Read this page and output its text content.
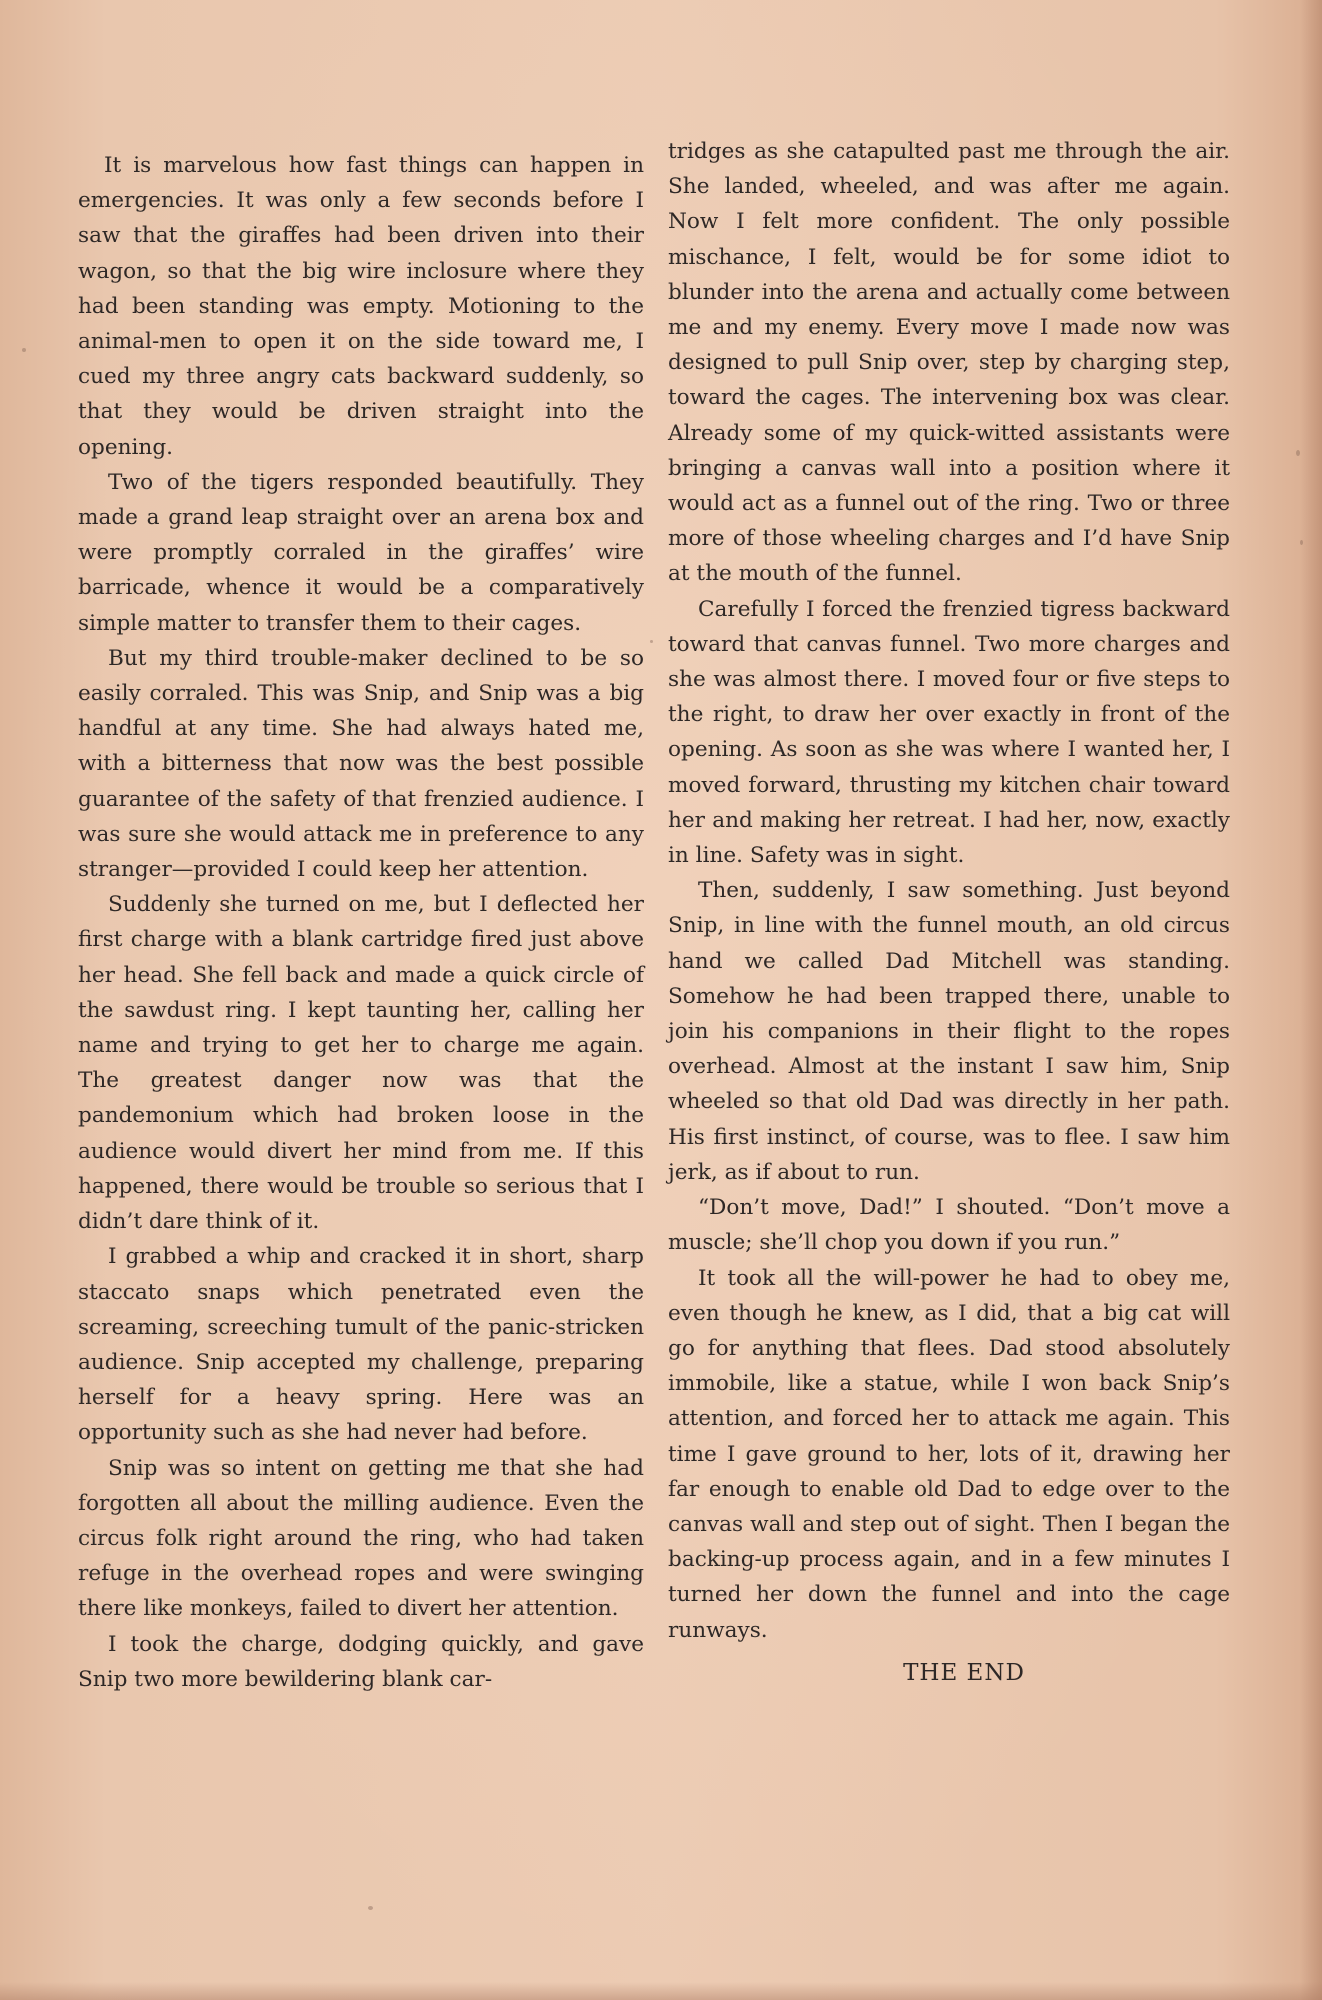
It is marvelous how fast things can happen in emergencies. It was only a few seconds before I saw that the giraffes had been driven into their wagon, so that the big wire inclosure where they had been standing was empty. Motioning to the animal-men to open it on the side toward me, I cued my three angry cats backward suddenly, so that they would be driven straight into the opening.

Two of the tigers responded beautifully. They made a grand leap straight over an arena box and were promptly corraled in the giraffes’ wire barricade, whence it would be a comparatively simple matter to transfer them to their cages.

But my third trouble-maker declined to be so easily corraled. This was Snip, and Snip was a big handful at any time. She had always hated me, with a bitterness that now was the best possible guarantee of the safety of that frenzied audience. I was sure she would attack me in preference to any stranger—provided I could keep her attention.

Suddenly she turned on me, but I deflected her first charge with a blank cartridge fired just above her head. She fell back and made a quick circle of the sawdust ring. I kept taunting her, calling her name and trying to get her to charge me again. The greatest danger now was that the pandemonium which had broken loose in the audience would divert her mind from me. If this happened, there would be trouble so serious that I didn’t dare think of it.

I grabbed a whip and cracked it in short, sharp staccato snaps which penetrated even the screaming, screeching tumult of the panic-stricken audience. Snip accepted my challenge, preparing herself for a heavy spring. Here was an opportunity such as she had never had before.

Snip was so intent on getting me that she had forgotten all about the milling audience. Even the circus folk right around the ring, who had taken refuge in the overhead ropes and were swinging there like monkeys, failed to divert her attention.

I took the charge, dodging quickly, and gave Snip two more bewildering blank car-

tridges as she catapulted past me through the air. She landed, wheeled, and was after me again. Now I felt more confident. The only possible mischance, I felt, would be for some idiot to blunder into the arena and actually come between me and my enemy. Every move I made now was designed to pull Snip over, step by charging step, toward the cages. The intervening box was clear. Already some of my quick-witted assistants were bringing a canvas wall into a position where it would act as a funnel out of the ring. Two or three more of those wheeling charges and I’d have Snip at the mouth of the funnel.

Carefully I forced the frenzied tigress backward toward that canvas funnel. Two more charges and she was almost there. I moved four or five steps to the right, to draw her over exactly in front of the opening. As soon as she was where I wanted her, I moved forward, thrusting my kitchen chair toward her and making her retreat. I had her, now, exactly in line. Safety was in sight.

Then, suddenly, I saw something. Just beyond Snip, in line with the funnel mouth, an old circus hand we called Dad Mitchell was standing. Somehow he had been trapped there, unable to join his companions in their flight to the ropes overhead. Almost at the instant I saw him, Snip wheeled so that old Dad was directly in her path. His first instinct, of course, was to flee. I saw him jerk, as if about to run.

“Don’t move, Dad!” I shouted. “Don’t move a muscle; she’ll chop you down if you run.”

It took all the will-power he had to obey me, even though he knew, as I did, that a big cat will go for anything that flees. Dad stood absolutely immobile, like a statue, while I won back Snip’s attention, and forced her to attack me again. This time I gave ground to her, lots of it, drawing her far enough to enable old Dad to edge over to the canvas wall and step out of sight. Then I began the backing-up process again, and in a few minutes I turned her down the funnel and into the cage runways.

THE END
